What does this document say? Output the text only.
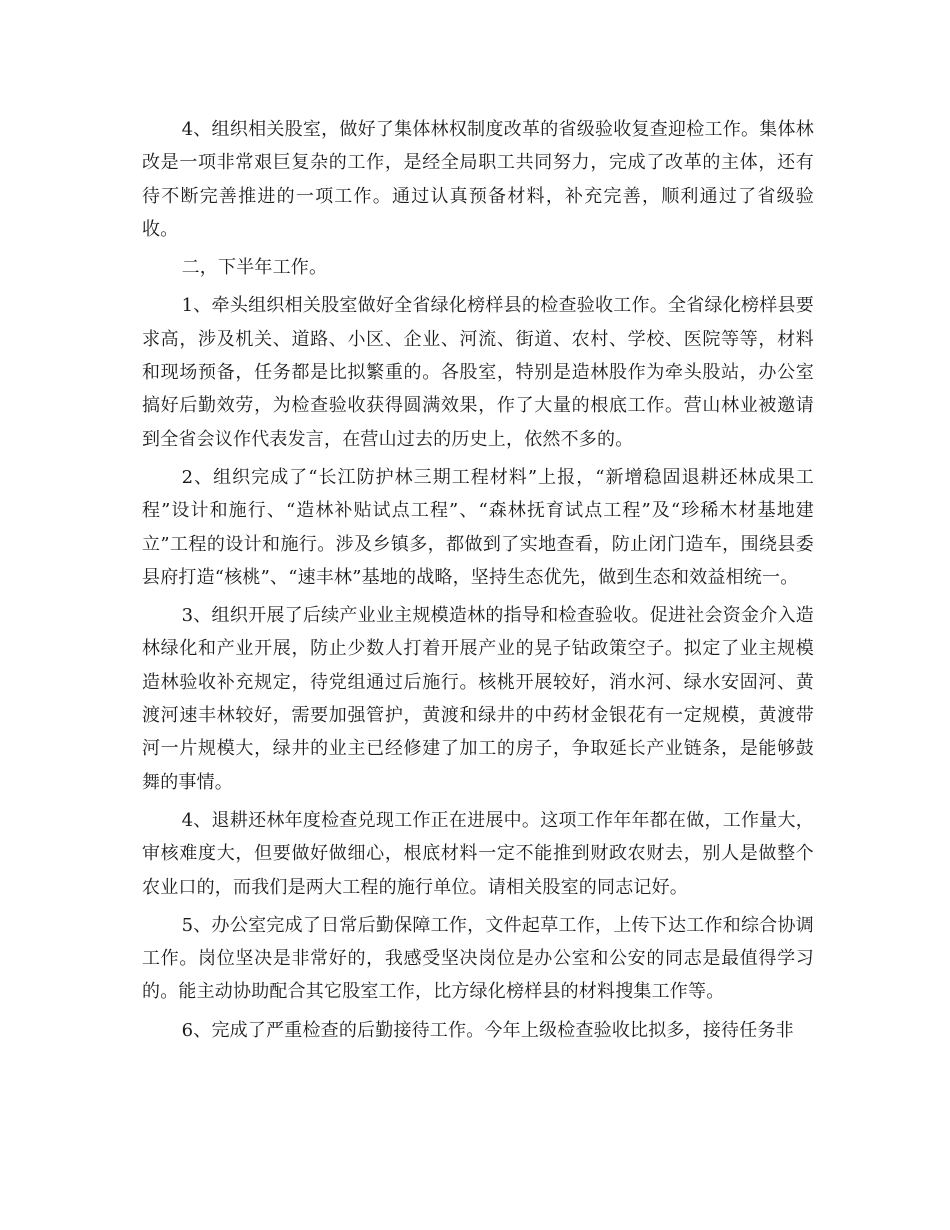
4、组织相关股室，做好了集体林权制度改革的省级验收复查迎检工作。集体林改是一项非常艰巨复杂的工作，是经全局职工共同努力，完成了改革的主体，还有待不断完善推进的一项工作。通过认真预备材料，补充完善，顺利通过了省级验收。

二，下半年工作。

1、牵头组织相关股室做好全省绿化榜样县的检查验收工作。全省绿化榜样县要求高，涉及机关、道路、小区、企业、河流、街道、农村、学校、医院等等，材料和现场预备，任务都是比拟繁重的。各股室，特别是造林股作为牵头股站，办公室搞好后勤效劳，为检查验收获得圆满效果，作了大量的根底工作。营山林业被邀请到全省会议作代表发言，在营山过去的历史上，依然不多的。

2、组织完成了“长江防护林三期工程材料”上报，“新增稳固退耕还林成果工程”设计和施行、“造林补贴试点工程”、“森林抚育试点工程”及“珍稀木材基地建立”工程的设计和施行。涉及乡镇多，都做到了实地查看，防止闭门造车，围绕县委县府打造“核桃”、“速丰林”基地的战略，坚持生态优先，做到生态和效益相统一。

3、组织开展了后续产业业主规模造林的指导和检查验收。促进社会资金介入造林绿化和产业开展，防止少数人打着开展产业的晃子钻政策空子。拟定了业主规模造林验收补充规定，待党组通过后施行。核桃开展较好，消水河、绿水安固河、黄渡河速丰林较好，需要加强管护，黄渡和绿井的中药材金银花有一定规模，黄渡带河一片规模大，绿井的业主已经修建了加工的房子，争取延长产业链条，是能够鼓舞的事情。

4、退耕还林年度检查兑现工作正在进展中。这项工作年年都在做，工作量大，审核难度大，但要做好做细心，根底材料一定不能推到财政农财去，别人是做整个农业口的，而我们是两大工程的施行单位。请相关股室的同志记好。

5、办公室完成了日常后勤保障工作，文件起草工作，上传下达工作和综合协调工作。岗位坚决是非常好的，我感受坚决岗位是办公室和公安的同志是最值得学习的。能主动协助配合其它股室工作，比方绿化榜样县的材料搜集工作等。

6、完成了严重检查的后勤接待工作。今年上级检查验收比拟多，接待任务非
